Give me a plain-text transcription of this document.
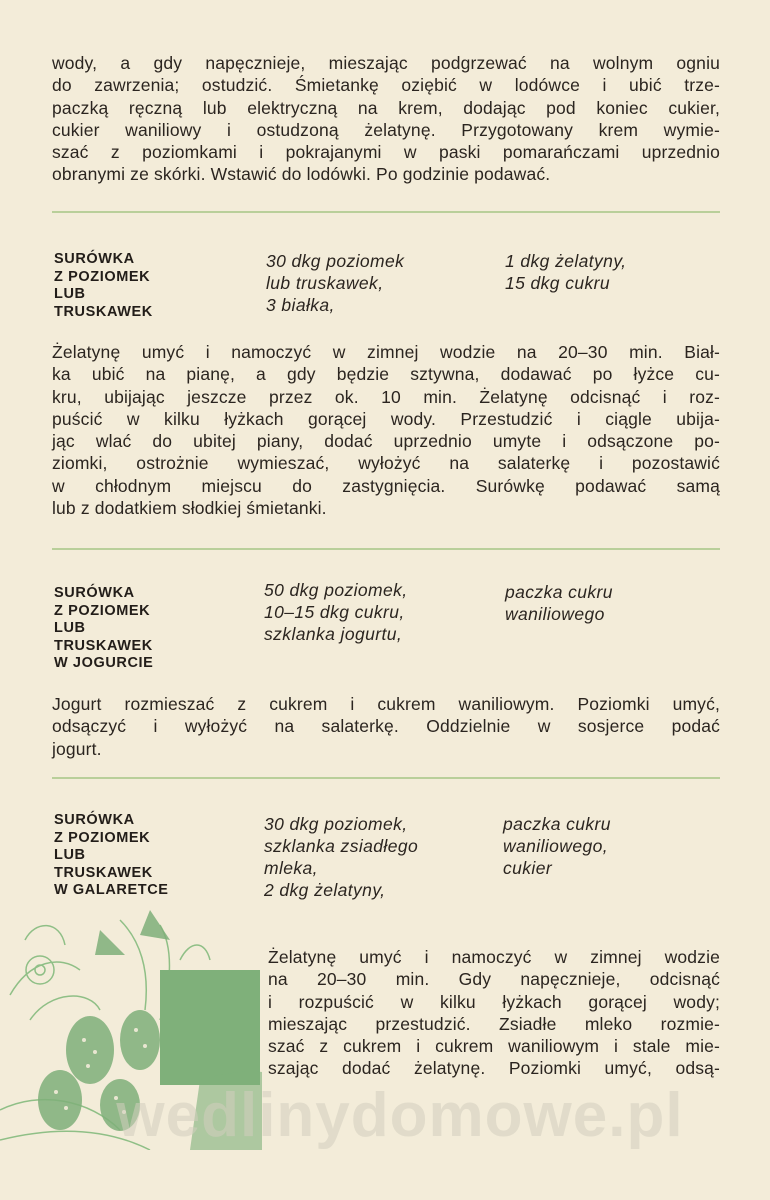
wody, a gdy napęcznieje, mieszając podgrzewać na wolnym ogniu
do zawrzenia; ostudzić. Śmietankę oziębić w lodówce i ubić trze-
paczką ręczną lub elektryczną na krem, dodając pod koniec cukier,
cukier waniliowy i ostudzoną żelatynę. Przygotowany krem wymie-
szać z poziomkami i pokrajanymi w paski pomarańczami uprzednio
obranymi ze skórki. Wstawić do lodówki. Po godzinie podawać.
SURÓWKA
Z POZIOMEK
LUB
TRUSKAWEK
30 dkg poziomek
lub truskawek,
3 białka,
1 dkg żelatyny,
15 dkg cukru
Żelatynę umyć i namoczyć w zimnej wodzie na 20–30 min. Biał-
ka ubić na pianę, a gdy będzie sztywna, dodawać po łyżce cu-
kru, ubijając jeszcze przez ok. 10 min. Żelatynę odcisnąć i roz-
puścić w kilku łyżkach gorącej wody. Przestudzić i ciągle ubija-
jąc wlać do ubitej piany, dodać uprzednio umyte i odsączone po-
ziomki, ostrożnie wymieszać, wyłożyć na salaterkę i pozostawić
w chłodnym miejscu do zastygnięcia. Surówkę podawać samą
lub z dodatkiem słodkiej śmietanki.
SURÓWKA
Z POZIOMEK
LUB
TRUSKAWEK
W JOGURCIE
50 dkg poziomek,
10–15 dkg cukru,
szklanka jogurtu,
paczka cukru
waniliowego
Jogurt rozmieszać z cukrem i cukrem waniliowym. Poziomki umyć,
odsączyć i wyłożyć na salaterkę. Oddzielnie w sosjerce podać
jogurt.
SURÓWKA
Z POZIOMEK
LUB
TRUSKAWEK
W GALARETCE
30 dkg poziomek,
szklanka zsiadłego
mleka,
2 dkg żelatyny,
paczka cukru
waniliowego,
cukier
Żelatynę umyć i namoczyć w zimnej wodzie
na 20–30 min. Gdy napęcznieje, odcisnąć
i rozpuścić w kilku łyżkach gorącej wody;
mieszając przestudzić. Zsiadłe mleko rozmie-
szać z cukrem i cukrem waniliowym i stale mie-
szając dodać żelatynę. Poziomki umyć, odsą-
wedlinydomowe.pl
